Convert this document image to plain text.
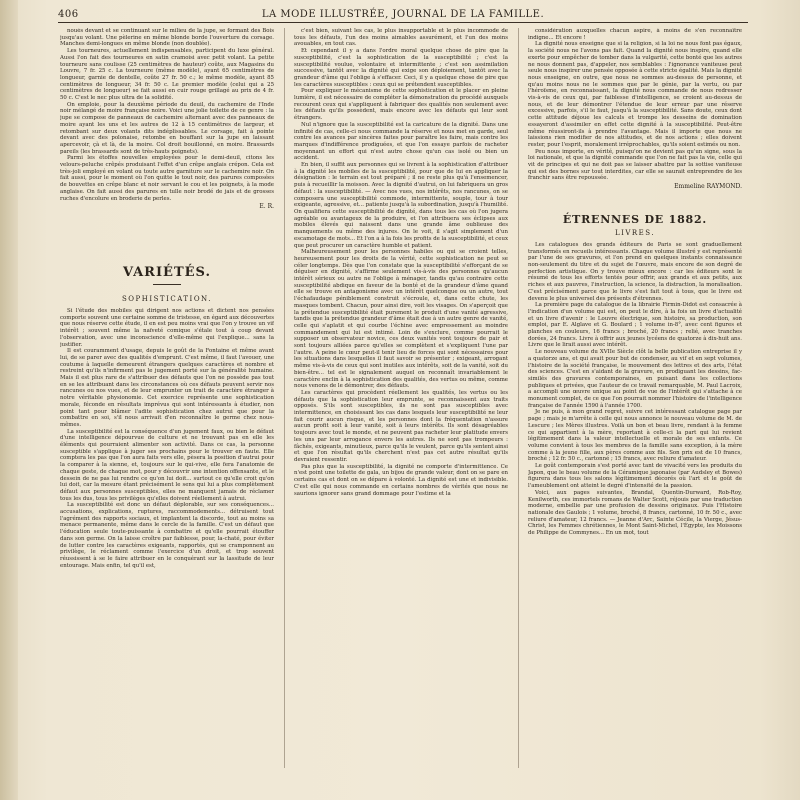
406	LA MODE ILLUSTRÉE, JOURNAL DE LA FAMILLE.

noués devant et se continuant sur le milieu de la jupe, se formant des Bois jusqu'au volant. Une pèlerine en même blonde borde l'ouverture du corsage. Manches demi-longues en même blonde (non doublée).

Les tourneures, actuellement indispensables, participent du luxe général. Aussi l'on fait des tourneures en satin cramoisi avec petit volant. La petite tourneure sans coulisse (25 centimètres de hauteur) coûte, aux Magasins du Louvre, 7 fr. 25 c. La tourneure (même modèle), ayant 65 centimètres de longueur, garnie de dentelle, coûte 27 fr. 50 c.; le même modèle, ayant 85 centimètres de longueur, 34 fr. 50 c. Le premier modèle (celui qui a 25 centimètres de longueur) se fait aussi en cuir rouge grillagé au prix de 4 fr. 50 c. C'est le nec plus ultra de la solidité.

On emploie, pour la deuxième période du deuil, du cachemire de l'Inde noir mélangé de moire française noire. Voici une jolie toilette de ce genre : la jupe se compose de panneaux de cachemire alternant avec des panneaux de moire ayant les uns et les autres de 12 à 15 centimètres de largeur, et retombant sur deux volants dits indéplissables. Le corsage, fait à pointe devant avec des polonaise, retombe en bouffant sur la jupe en laissant apercevoir, çà et là, de la moire. Col droit bouillonné, en moire. Brassards pareils (les brassards sont de très-hauts poignets).

Parmi les étoffes nouvelles employées pour le demi-deuil, citons les velours-peluche crêpés produisant l'effet d'un crêpe anglais crépon. Cela est très-joli employé en volant ou toute autre garniture sur le cachemire noir. On fait aussi, pour le moment où l'on quitte le tout noir, des parures composées de bouvettes en crêpe blanc et noir servant le cou et les poignets, à la mode anglaise. On fait aussi des parures en tulle noir brodé de jais et de grosses ruches d'encolure en broderie de perles.

E. R.
VARIÉTÉS.
SOPHISTICATION.

Si l'étude des mobiles qui dirigent nos actions et dictent nos pensées comporte souvent une certaine somme de tristesse, en égard aux découvertes que nous réserve cette étude, il en est peu moins vrai que l'on y trouve un vif intérêt ; souvent même la naïveté comique s'étale tout à coup devant l'observation, avec une inconscience d'elle-même qui l'explique... sans la justifier.

Il est couramment d'usage, depuis le goût de la Fontaine et même avant lui, de se parer avec des qualités d'emprunt. C'est même, il faut l'avouer, une coutume à laquelle demeurent étrangers quelques caractères et nombre et restreint qu'ils n'infirment pas le jugement porté sur la généralité humaine. Mais il est plus rare de s'attribuer des défauts que l'on ne possède pas tout en se les attribuant dans les circonstances où ces défauts peuvent servir nos rancunes ou nos vues, et de leur emprunter un trait de caractère étranger à notre véritable physionomie. Cet exercice représente une sophistication morale, féconde en résultats imprévus qui sont intéressants à étudier, non point tant pour blâmer l'adite sophistication chez autrui que pour la combattre en soi, s'il nous arrivait d'en reconnaître le germe chez nous-mêmes.

La susceptibilité est la conséquence d'un jugement faux, ou bien le défaut d'une intelligence dépourvue de culture et ne trouvant pas en elle les éléments qui pourraient alimenter son activité. Dans ce cas, la personne susceptible s'applique à juger ses prochains pour le trouver en faute. Elle comptera les pas que l'on aura faits vers elle, pèsera la position d'autrui pour la comparer à la sienne, et, toujours sur le qui-vive, elle fera l'anatomie de chaque geste, de chaque mot, pour y découvrir une intention offensante, et le dessein de ne pas lui rendre ce qu'on lui doit... surtout ce qu'elle croit qu'on lui doit, car la mesure étant précisément le sens qui lui a plus complètement défaut aux personnes susceptibles, elles ne manquent jamais de réclamer tous les dus, tous les privilèges qu'elles doivent réellement à autrui.

La susceptibilité est donc un défaut déplorable, sur ses conséquences... accusations, explications, ruptures, raccommodements... détruisent tout l'agrément des rapports sociaux, et implantent la discorde, tout au moins sa menace permanente, même dans le cercle de la famille. C'est un défaut que l'éducation seule toute-puissante à combattre et qu'elle pourrait étouffer dans son germe. On la laisse croître par faiblesse, pour, la-chaté, pour éviter de lutter contre les caractères exigeants, rapportés, qui se cramponnent au privilège, le réclament comme l'exercice d'un droit, et trop souvent réussissent à se le faire attribuer en le conquérant sur la lassitude de leur entourage. Mais enfin, tel qu'il est,

c'est bien, suivant les cas, le plus insupportable et le plus incommode de tous les défauts, l'un des moins aimables assurément, et l'un des moins avouables, en tout cas.

Et cependant il y a dans l'ordre moral quelque chose de pire que la susceptibilité, c'est la sophistication de la susceptibilité ; c'est la susceptibilité voulue, volontaire et intermittente ; c'est son assimilation successive, tantôt avec la dignité qui exige son déploiement, tantôt avec la grandeur d'âme qui l'oblige à s'effacer. Ceci, il y a quelque chose de pire que les caractères susceptibles : ceux qui se prétendent susceptibles.

Pour expliquer le mécanisme de cette sophistication et le placer en pleine lumière, il est nécessaire de compléter la démonstration du procédé auxquels recourent ceux qui s'appliquent à fabriquer des qualités non seulement avec les défauts qu'ils possèdent, mais encore avec les défauts qui leur sont étrangers.

Nul n'ignore que la susceptibilité est la caricature de la dignité. Dans une infinité de cas, celle-ci nous commande la réserve et nous met en garde, seul contre les avances par sincères faites pour paraître les faire, mais contre les marques d'indifférence prodiguées, et que l'on essaye parfois de racheter moyennant un effort qui n'est autre chose qu'un cas isolé ou bien un accident.

En bien, il suffit aux personnes qui se livrent à la sophistication d'attribuer à la dignité les mobiles de la susceptibilité, pour que de lui en appliquer la désignation : le terrain est tout préparé ; il ne reste plus qu'à l'ensemencer, puis à recueillir la moisson. Avec la dignité d'autrui, on lui fabriquera un gros défaut : la susceptibilité. — Avec nos vues, nos intérêts, nos rancunes, on se composera une susceptibilité commode, intermittente, souple, tour à tour exigeante, agressive, et... patiente jusqu'à la subordination, jusqu'à l'humilité. On qualifiera cette susceptibilité de dignité, dans tous les cas où l'on jugera agréable ou avantageux de la produire, et l'on attribuera ses éclipses aux mobiles élevés qui naissent dans une grande âme oublieuse des manquements ou même des injures. On le voit, il s'agit simplement d'un escamotage de mots... Et l'on a à la fois les profits de la susceptibilité, et ceux que peut procurer un caractère humble et patient.

Malheureusement pour les personnes habiles ou qui se croient telles, heureusement pour les droits de la vérité, cette sophistication ne peut se céler longtemps. Dès que l'on constate que la susceptibilité s'efforçant de se déguiser en dignité, s'affirme seulement vis-à-vis des personnes qu'aucun intérêt sérieux ou autre ne l'oblige à ménager, tandis qu'au contraire cette susceptibilité abdique en faveur de la bonté et de la grandeur d'âme quand elle se trouve en antagonisme avec un intérêt quelconque ou un autre, tout l'échafaudage péniblement construit s'écroule, et, dans cette chute, les masques tombent. Chacun, pour ainsi dire, voit les visages. On s'aperçoit que la prétendue susceptibilité était purement le produit d'une vanité agressive, tandis que la prétendue grandeur d'âme était due à un autre genre de vanité, celle qui s'aplatit et qui courbe l'échine avec empressement au moindre commandement qui lui est intimé. Loin de s'exclure, comme pourrait le supposer un observateur novice, ces deux vanités vont toujours de pair et sont toujours alliées parce qu'elles se complètent et s'expliquent l'une par l'autre. A peine le cœur peut-il tenir lieu de forces qui sont nécessaires pour les situations dans lesquelles il faut savoir se présenter ; exigeant, arrogant même vis-à-vis de ceux qui sont inutiles aux intérêts, soit de la vanité, soit du bien-être... tel est le signalement auquel on reconnaît invariablement le caractère enclin à la sophistication des qualités, des vertus ou même, comme nous venons de le démontrer, des défauts.

Les caractères qui procèdent réellement les qualités, les vertus ou les défauts que la sophistication leur emprunte, se reconnaissent aux traits opposés. S'ils sont susceptibles, ils ne sont pas susceptibles avec intermittence, en choisissant les cas dans lesquels leur susceptibilité ne leur fait courir aucun risque, et les personnes dont la fréquentation n'assure aucun profit soit à leur vanité, soit à leurs intérêts. Ils sont désagréables toujours avec tout le monde, et ne peuvent pas racheter leur platitude envers les uns par leur arrogance envers les autres. Ils ne sont pas trompeurs : fâchés, exigeants, minutieux, parce qu'ils le veulent, parce qu'ils sentent ainsi et que l'on résultat qu'ils cherchent n'est pas cet autre résultat qu'ils devraient ressentir.

Pas plus que la susceptibilité, la dignité ne comporte d'intermittence. Ce n'est point une toilette de gala, un bijou de grande valeur, dont on se pare en certains cas et dont on se dépare à volonté. La dignité est une et indivisible. C'est elle qui nous commande en certains nombres de vérités que nous ne saurions ignorer sans grand dommage pour l'estime et la

considération auxquelles chacun aspire, à moins de s'en reconnaître indigne... Et encore !

La dignité nous enseigne que si la religion, si la loi ne nous font pas égaux, la société nous ne l'avons pas fait. Quand la dignité nous inspire, quand elle exerte pour empêcher de tomber dans la vulgarité, cette bonté que les autres ne nous donnent pas, d'appeler, nos semblables : l'ignorance vaniteuse peut seule nous inspirer une pensée opposée à cette stricte égalité. Mais la dignité nous enseigne, en outre, que nous ne sommes au-dessus de personne, et qu'au moins nous ne le sommes que par le génie, par la vertu, ou par l'héroïsme, en reconnaissant, la dignité nous commande de nous redresser vis-à-vis de ceux qui, par faiblesse d'intelligence, se croient au-dessus de nous, et de leur démontrer l'étendue de leur erreur par une réserve excessive, parfois, s'il le faut, jusqu'à la susceptibilité. Sans doute, ceux dont cette attitude déjoue les calculs et trompe les desseins de domination essayeront d'assimiler en effet cette dignité à la susceptibilité. Peut-être même réussiront-ils à prendre l'avantage. Mais il importe que nous ne laissions rien modifier de nos attitudes, et de nos actions ; elles doivent rester, pour l'esprit, moralement irréprochables, qu'ils soient estimés ou non.

Peu nous importe, en vérité, puisqu'on ne devient pas qu'un signe, sous la loi nationale, et que la dignité commande que l'on ne fait pas la vie, celle qui vit de principes et qui ne doit pas se laisser abattre par la sottise vaniteuse qui est des bornes sur tout interdites, car elle se saurait entreprendre de les franchir sans être repoussée.

Emmeline RAYMOND.
ÉTRENNES DE 1882.
LIVRES.

Les catalogues des grands éditeurs de Paris se sont graduellement transformés en recueils intéressants. Chaque volume illustré y est représenté par l'une de ses gravures, et l'on prend en quelques instants connaissance non-seulement du titre et du sujet de l'œuvre, mais encore de son degré de perfection artistique. On y trouve mieux encore : car les éditeurs sont le résumé de tous les efforts tentés pour offrir, aux grands et aux petits, aux riches et aux pauvres, l'instruction, la science, la distraction, la moralisation. C'est précisément parce que le livre s'est fait tout à tous, que le livre est devenu le plus universel des présents d'étrennes.

La première page du catalogue de la librairie Firmin-Didot est consacrée à l'indication d'un volume qui est, on peut le dire, à la fois un livre d'actualité et un livre d'avenir : le Louvre électrique, son histoire, sa production, son emploi, par E. Alglave et G. Boulard ; 1 volume in-8°, avec cent figures et planches en couleurs, 16 francs ; broché, 20 francs ; relié, avec tranches dorées, 24 francs. Livre à offrir aux jeunes lycéens de quatorze à dix-huit ans. Livre que le lirait aussi avec intérêt.

Le nouveau volume du XVIIe Siècle clôt la belle publication entreprise il y a quatorze ans, et qui avait pour but de condenser, au vif et en sept volumes, l'histoire de la société française, le mouvement des lettres et des arts, l'état des sciences. C'est en s'aidant de la gravure, en prodiguant les dessins, fac-similés des gravures contemporaines, en puisant dans les collections publiques et privées, que l'auteur de ce travail remarquable, M. Paul Lacroix, a accompli une œuvre unique au point de vue de l'intérêt qui s'attache à ce monument complet, de ce que l'on pourrait nommer l'histoire de l'intelligence française de l'année 1590 à l'année 1700.

Je ne puis, à mon grand regret, suivre cet intéressant catalogue page par page ; mais je m'arrête à celle qui nous annonce le nouveau volume de M. de Lescure ; les Mères illustres. Voilà un bon et beau livre, rendant à la femme ce qui appartient à la mère, reportant à celle-ci la part qui lui revient légitimement dans la valeur intellectuelle et morale de ses enfants. Ce volume convient à tous les membres de la famille sans exception, à la mère comme à la jeune fille, aux pères comme aux fils. Son prix est de 10 francs, broché ; 12 fr. 50 c., cartonné ; 15 francs, avec reliure d'amateur.

Le goût contemporain s'est porté avec tant de vivacité vers les produits du Japon, que le beau volume de la Céramique japonaise (par Audsley et Bowes) figurera dans tous les salons légitimement décorés où l'art et le goût de l'ameublement ont atteint le degré d'intensité de la passion.

Voici, aux pages suivantes, Brandal, Quentin-Durward, Rob-Roy, Kenilworth, ces immortels romans de Walter Scott, réjouis par une traduction moderne, embellie par une profusion de dessins originaux. Puis l'Histoire nationale des Gaulois ; 1 volume, broché, 8 francs, cartonné, 10 fr. 50 c., avec reliure d'amateur, 12 francs. — Jeanne d'Arc, Sainte Cécile, la Vierge, Jésus-Christ, les Femmes chrétiennes, le Mont Saint-Michel, l'Égypte, les Moissons de Philippe de Commynes... En un mot, tout
